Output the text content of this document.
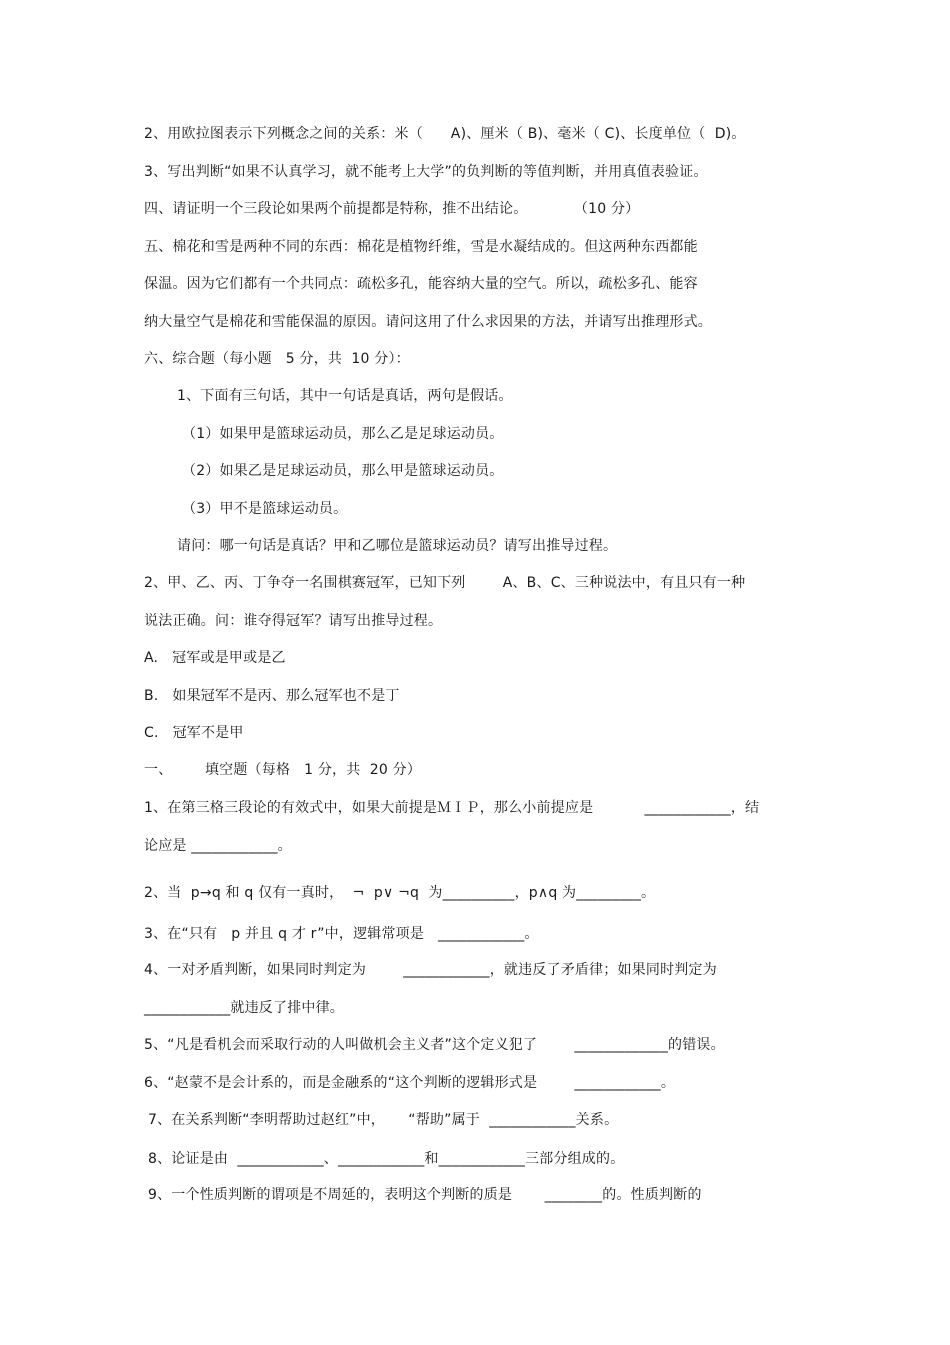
2、用欧拉图表示下列概念之间的关系：米（      A)、厘米（ B)、毫米（ C)、长度单位（  D)。
3、写出判断“如果不认真学习，就不能考上大学”的负判断的等值判断，并用真值表验证。
四、请证明一个三段论如果两个前提都是特称，推不出结论。          （10 分）
五、棉花和雪是两种不同的东西：棉花是植物纤维，雪是水凝结成的。但这两种东西都能
保温。因为它们都有一个共同点：疏松多孔，能容纳大量的空气。所以，疏松多孔、能容
纳大量空气是棉花和雪能保温的原因。请问这用了什么求因果的方法，并请写出推理形式。
六、综合题（每小题   5 分，共  10 分）：
1、下面有三句话，其中一句话是真话，两句是假话。
（1）如果甲是篮球运动员，那么乙是足球运动员。
（2）如果乙是足球运动员，那么甲是篮球运动员。
（3）甲不是篮球运动员。
请问：哪一句话是真话？甲和乙哪位是篮球运动员？请写出推导过程。
2、甲、乙、丙、丁争夺一名围棋赛冠军，已知下列        A、B、C、三种说法中，有且只有一种
说法正确。问：谁夺得冠军？请写出推导过程。
A.   冠军或是甲或是乙
B.   如果冠军不是丙、那么冠军也不是丁
C.   冠军不是甲
一、       填空题（每格   1 分，共  20 分）
1、在第三格三段论的有效式中，如果大前提是ＭＩＰ，那么小前提应是           ____________，结
论应是 ____________。
2、当  p→q 和 q 仅有一真时，  ¬  p∨ ¬q  为__________，p∧q 为_________。
3、在“只有   p 并且 q 才 r”中，逻辑常项是   ____________。
4、一对矛盾判断，如果同时判定为        ____________，就违反了矛盾律；如果同时判定为
____________就违反了排中律。
5、“凡是看机会而采取行动的人叫做机会主义者”这个定义犯了        _____________的错误。
6、“赵蒙不是会计系的，而是金融系的“这个判断的逻辑形式是        ____________。
7、在关系判断“李明帮助过赵红”中，     “帮助”属于  ____________关系。
8、论证是由  ____________、____________和____________三部分组成的。
9、一个性质判断的谓项是不周延的，表明这个判断的质是       ________的。性质判断的
